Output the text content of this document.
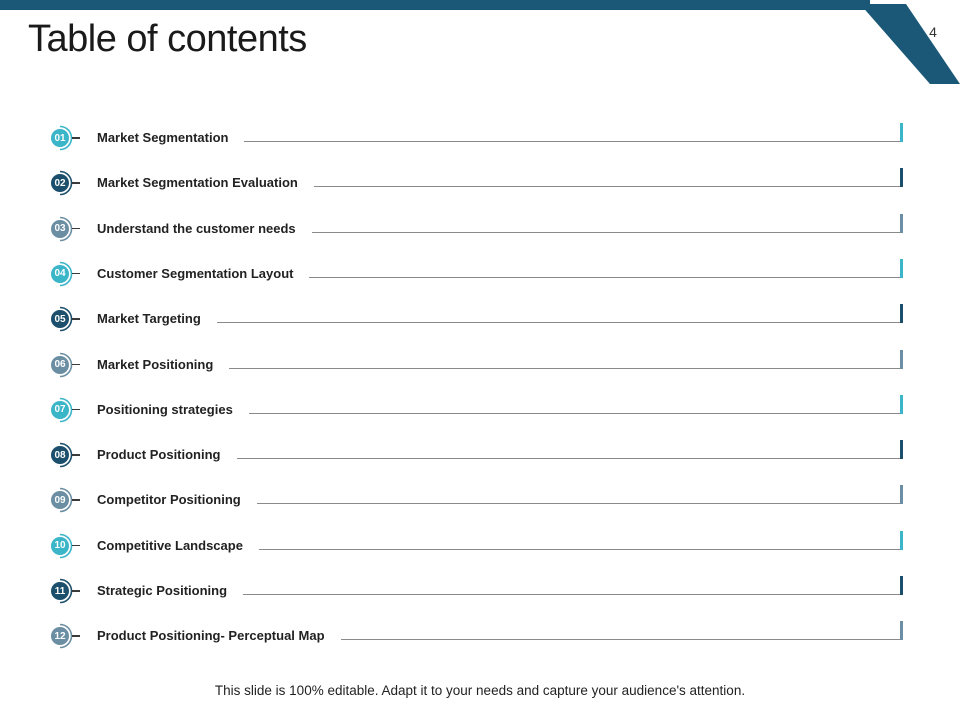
4
Table of contents
01 Market Segmentation
02 Market Segmentation Evaluation
03 Understand the customer needs
04 Customer Segmentation Layout
05 Market Targeting
06 Market Positioning
07 Positioning strategies
08 Product Positioning
09 Competitor Positioning
10 Competitive Landscape
11 Strategic Positioning
12 Product Positioning- Perceptual Map
This slide is 100% editable. Adapt it to your needs and capture your audience's attention.
